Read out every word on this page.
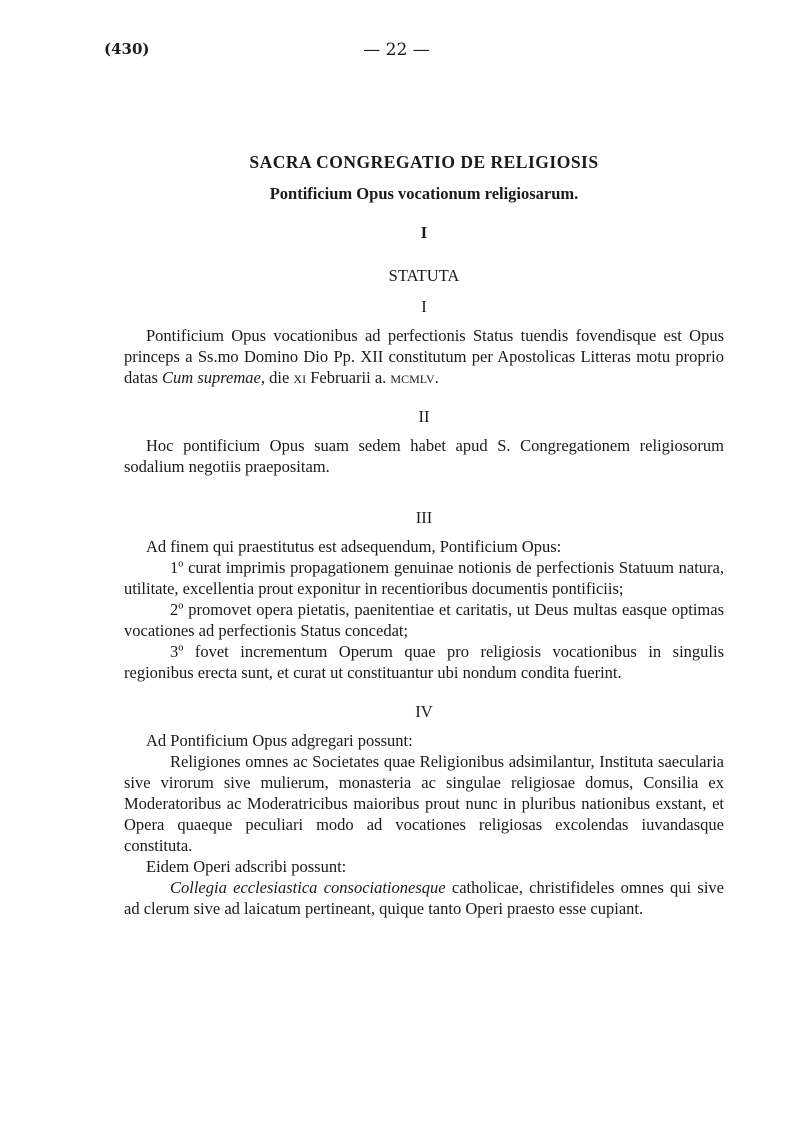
(430)	— 22 —
SACRA CONGREGATIO DE RELIGIOSIS
Pontificium Opus vocationum religiosarum.
I
STATUTA
I

Pontificium Opus vocationibus ad perfectionis Status tuendis fovendisque est Opus princeps a Ss.mo Domino Dio Pp. XII constitutum per Apostolicas Litteras motu proprio datas Cum supremae, die xi Februarii a. mcmlv.

II

Hoc pontificium Opus suam sedem habet apud S. Congregationem religiosorum sodalium negotiis praepositam.

III

Ad finem qui praestitutus est adsequendum, Pontificium Opus:

1º curat imprimis propagationem genuinae notionis de perfectionis Statuum natura, utilitate, excellentia prout exponitur in recentioribus documentis pontificiis;

2º promovet opera pietatis, paenitentiae et caritatis, ut Deus multas easque optimas vocationes ad perfectionis Status concedat;

3º fovet incrementum Operum quae pro religiosis vocationibus in singulis regionibus erecta sunt, et curat ut constituantur ubi nondum condita fuerint.

IV

Ad Pontificium Opus adgregari possunt:

Religiones omnes ac Societates quae Religionibus adsimilantur, Instituta saecularia sive virorum sive mulierum, monasteria ac singulae religiosae domus, Consilia ex Moderatoribus ac Moderatricibus maioribus prout nunc in pluribus nationibus exstant, et Opera quaeque peculiari modo ad vocationes religiosas excolendas iuvandasque constituta.

Eidem Operi adscribi possunt:

Collegia ecclesiastica consociationesque catholicae, christifideles omnes qui sive ad clerum sive ad laicatum pertineant, quique tanto Operi praesto esse cupiant.
